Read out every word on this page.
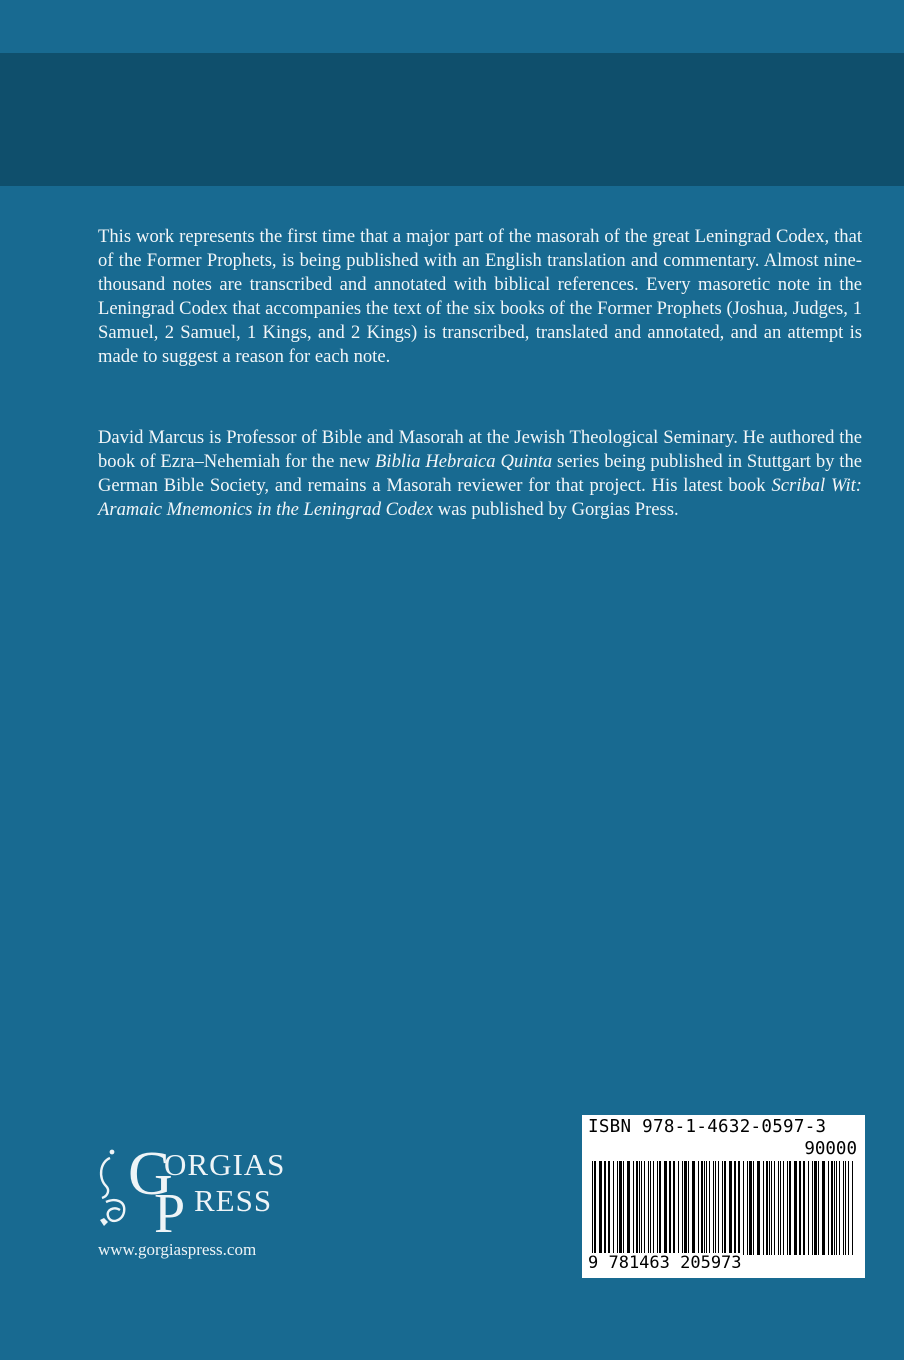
This work represents the first time that a major part of the masorah of the great Leningrad Codex, that of the Former Prophets, is being published with an English translation and commentary. Almost nine-thousand notes are transcribed and annotated with biblical references. Every masoretic note in the Leningrad Codex that accompanies the text of the six books of the Former Prophets (Joshua, Judges, 1 Samuel, 2 Samuel, 1 Kings, and 2 Kings) is transcribed, translated and annotated, and an attempt is made to suggest a reason for each note.

David Marcus is Professor of Bible and Masorah at the Jewish Theological Seminary. He authored the book of Ezra–Nehemiah for the new Biblia Hebraica Quinta series being published in Stuttgart by the German Bible Society, and remains a Masorah reviewer for that project. His latest book Scribal Wit: Aramaic Mnemonics in the Leningrad Codex was published by Gorgias Press.

G
P
ORGIAS
RESS
www.gorgiaspress.com
ISBN 978-1-4632-0597-3
90000
9 781463 205973
